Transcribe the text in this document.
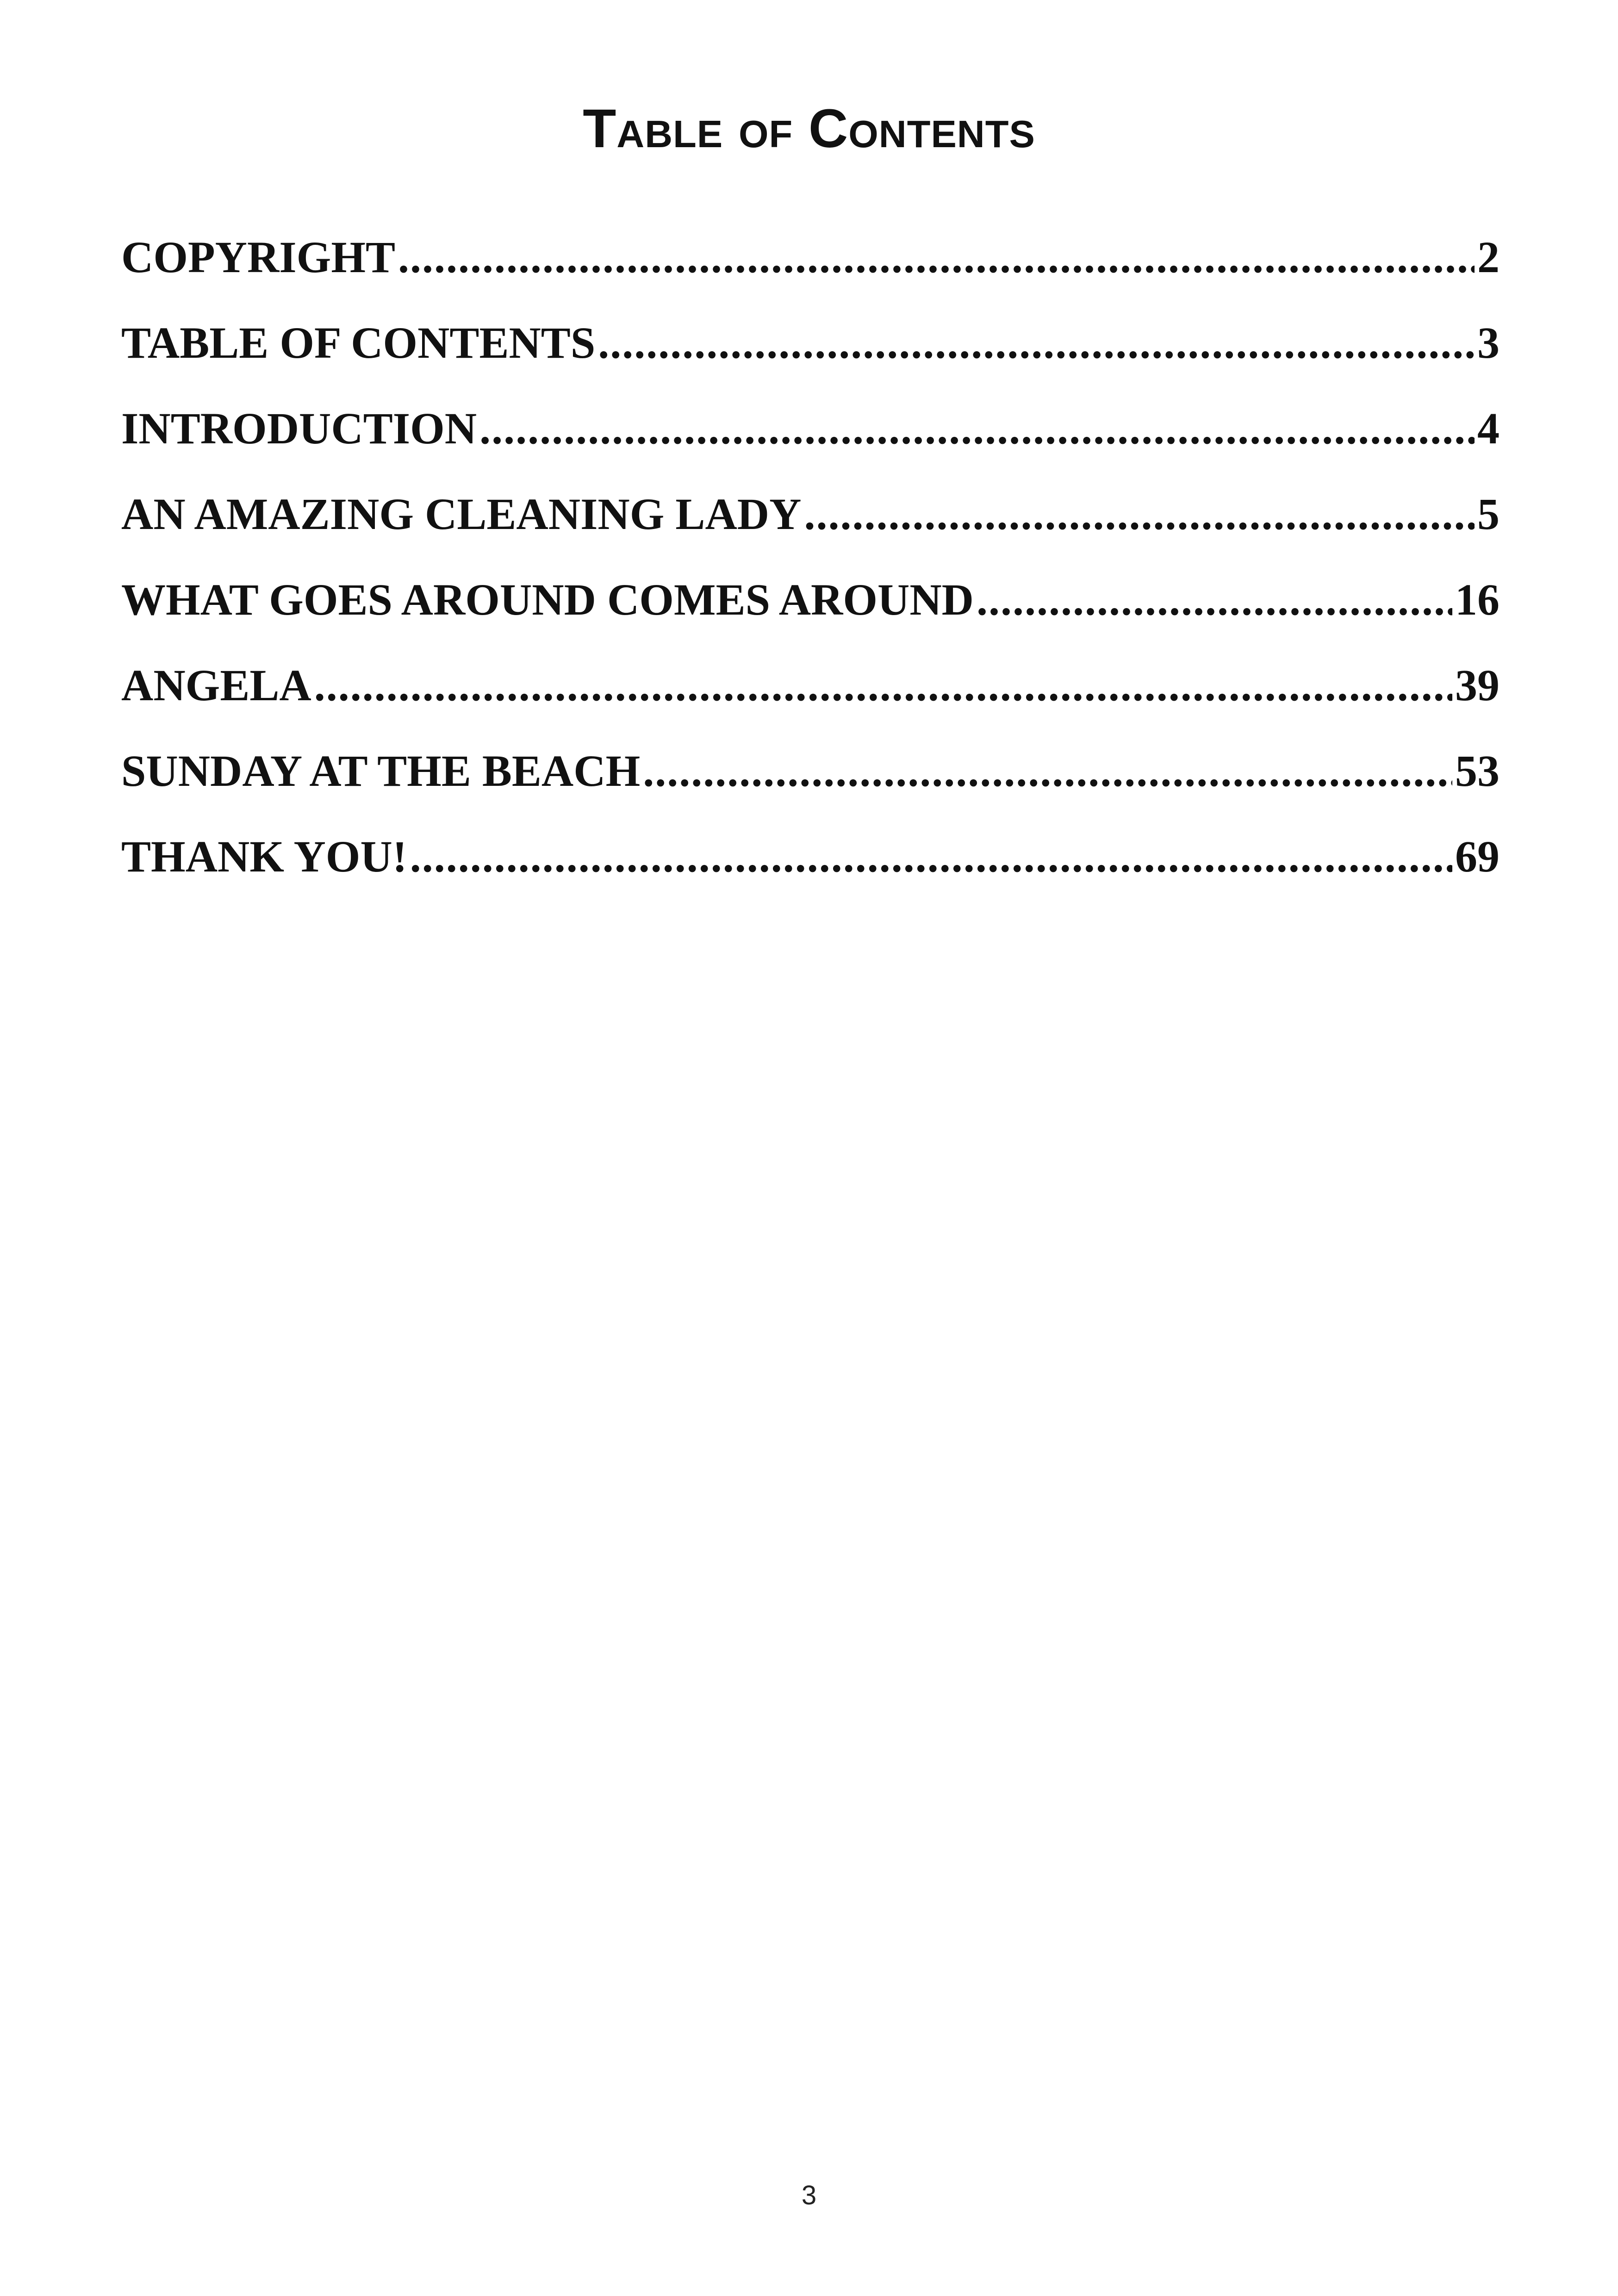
Table of Contents
COPYRIGHT .....	2
TABLE OF CONTENTS .....	3
INTRODUCTION .....	4
AN AMAZING CLEANING LADY .....	5
WHAT GOES AROUND COMES AROUND .....	16
ANGELA .....	39
SUNDAY AT THE BEACH .....	53
THANK YOU! .....	69
3
